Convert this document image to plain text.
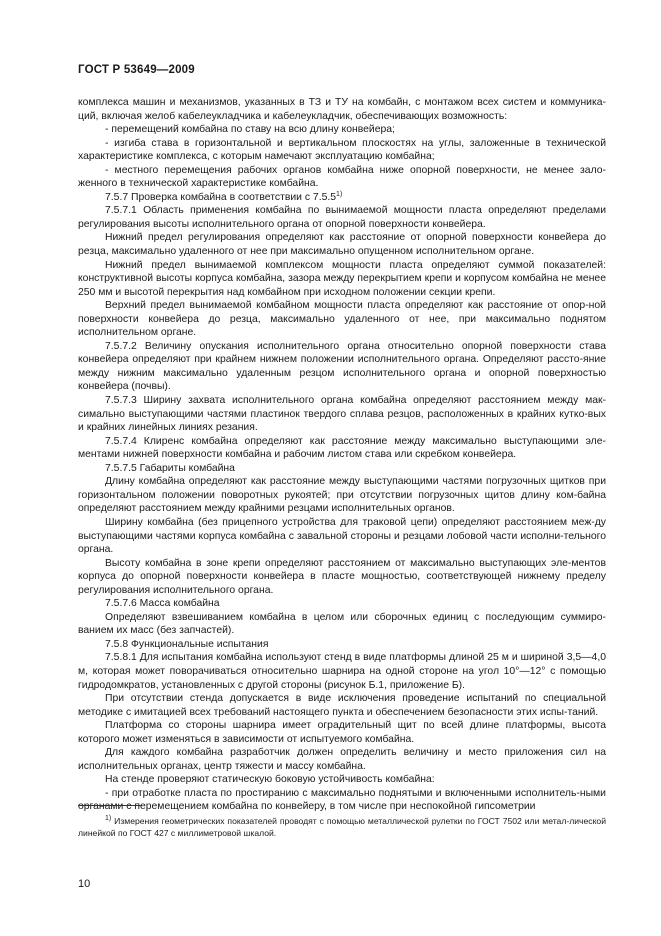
ГОСТ Р 53649—2009

комплекса машин и механизмов, указанных в ТЗ и ТУ на комбайн, с монтажом всех систем и коммуника-ций, включая желоб кабелеукладчика и кабелеукладчик, обеспечивающих возможность:

- перемещений комбайна по ставу на всю длину конвейера;

- изгиба става в горизонтальной и вертикальном плоскостях на углы, заложенные в технической характеристике комплекса, с которым намечают эксплуатацию комбайна;

- местного перемещения рабочих органов комбайна ниже опорной поверхности, не менее зало-женного в технической характеристике комбайна.

7.5.7 Проверка комбайна в соответствии с 7.5.5$^{1)}$

7.5.7.1 Область применения комбайна по вынимаемой мощности пласта определяют пределами регулирования высоты исполнительного органа от опорной поверхности конвейера.

Нижний предел регулирования определяют как расстояние от опорной поверхности конвейера до резца, максимально удаленного от нее при максимально опущенном исполнительном органе.

Нижний предел вынимаемой комплексом мощности пласта определяют суммой показателей: конструктивной высоты корпуса комбайна, зазора между перекрытием крепи и корпусом комбайна не менее 250 мм и высотой перекрытия над комбайном при исходном положении секции крепи.

Верхний предел вынимаемой комбайном мощности пласта определяют как расстояние от опор-ной поверхности конвейера до резца, максимально удаленного от нее, при максимально поднятом исполнительном органе.

7.5.7.2 Величину опускания исполнительного органа относительно опорной поверхности става конвейера определяют при крайнем нижнем положении исполнительного органа. Определяют рассто-яние между нижним максимально удаленным резцом исполнительного органа и опорной поверхностью конвейера (почвы).

7.5.7.3 Ширину захвата исполнительного органа комбайна определяют расстоянием между мак-симально выступающими частями пластинок твердого сплава резцов, расположенных в крайних кутко-вых и крайних линейных линиях резания.

7.5.7.4 Клиренс комбайна определяют как расстояние между максимально выступающими эле-ментами нижней поверхности комбайна и рабочим листом става или скребком конвейера.

7.5.7.5 Габариты комбайна

Длину комбайна определяют как расстояние между выступающими частями погрузочных щитков при горизонтальном положении поворотных рукоятей; при отсутствии погрузочных щитов длину ком-байна определяют расстоянием между крайними резцами исполнительных органов.

Ширину комбайна (без прицепного устройства для траковой цепи) определяют расстоянием меж-ду выступающими частями корпуса комбайна с завальной стороны и резцами лобовой части исполни-тельного органа.

Высоту комбайна в зоне крепи определяют расстоянием от максимально выступающих эле-ментов корпуса до опорной поверхности конвейера в пласте мощностью, соответствующей нижнему пределу регулирования исполнительного органа.

7.5.7.6 Масса комбайна

Определяют взвешиванием комбайна в целом или сборочных единиц с последующим суммиро-ванием их масс (без запчастей).

7.5.8 Функциональные испытания

7.5.8.1 Для испытания комбайна используют стенд в виде платформы длиной 25 м и шириной 3,5—4,0 м, которая может поворачиваться относительно шарнира на одной стороне на угол 10°—12° с помощью гидродомкратов, установленных с другой стороны (рисунок Б.1, приложение Б).

При отсутствии стенда допускается в виде исключения проведение испытаний по специальной методике с имитацией всех требований настоящего пункта и обеспечением безопасности этих испы-таний.

Платформа со стороны шарнира имеет оградительный щит по всей длине платформы, высота которого может изменяться в зависимости от испытуемого комбайна.

Для каждого комбайна разработчик должен определить величину и место приложения сил на исполнительных органах, центр тяжести и массу комбайна.

На стенде проверяют статическую боковую устойчивость комбайна:

- при отработке пласта по простиранию с максимально поднятыми и включенными исполнитель-ными органами с перемещением комбайна по конвейеру, в том числе при неспокойной гипсометрии

$^{1)}$ Измерения геометрических показателей проводят с помощью металлической рулетки по ГОСТ 7502 или метал-лической линейкой по ГОСТ 427 с миллиметровой шкалой.
10
